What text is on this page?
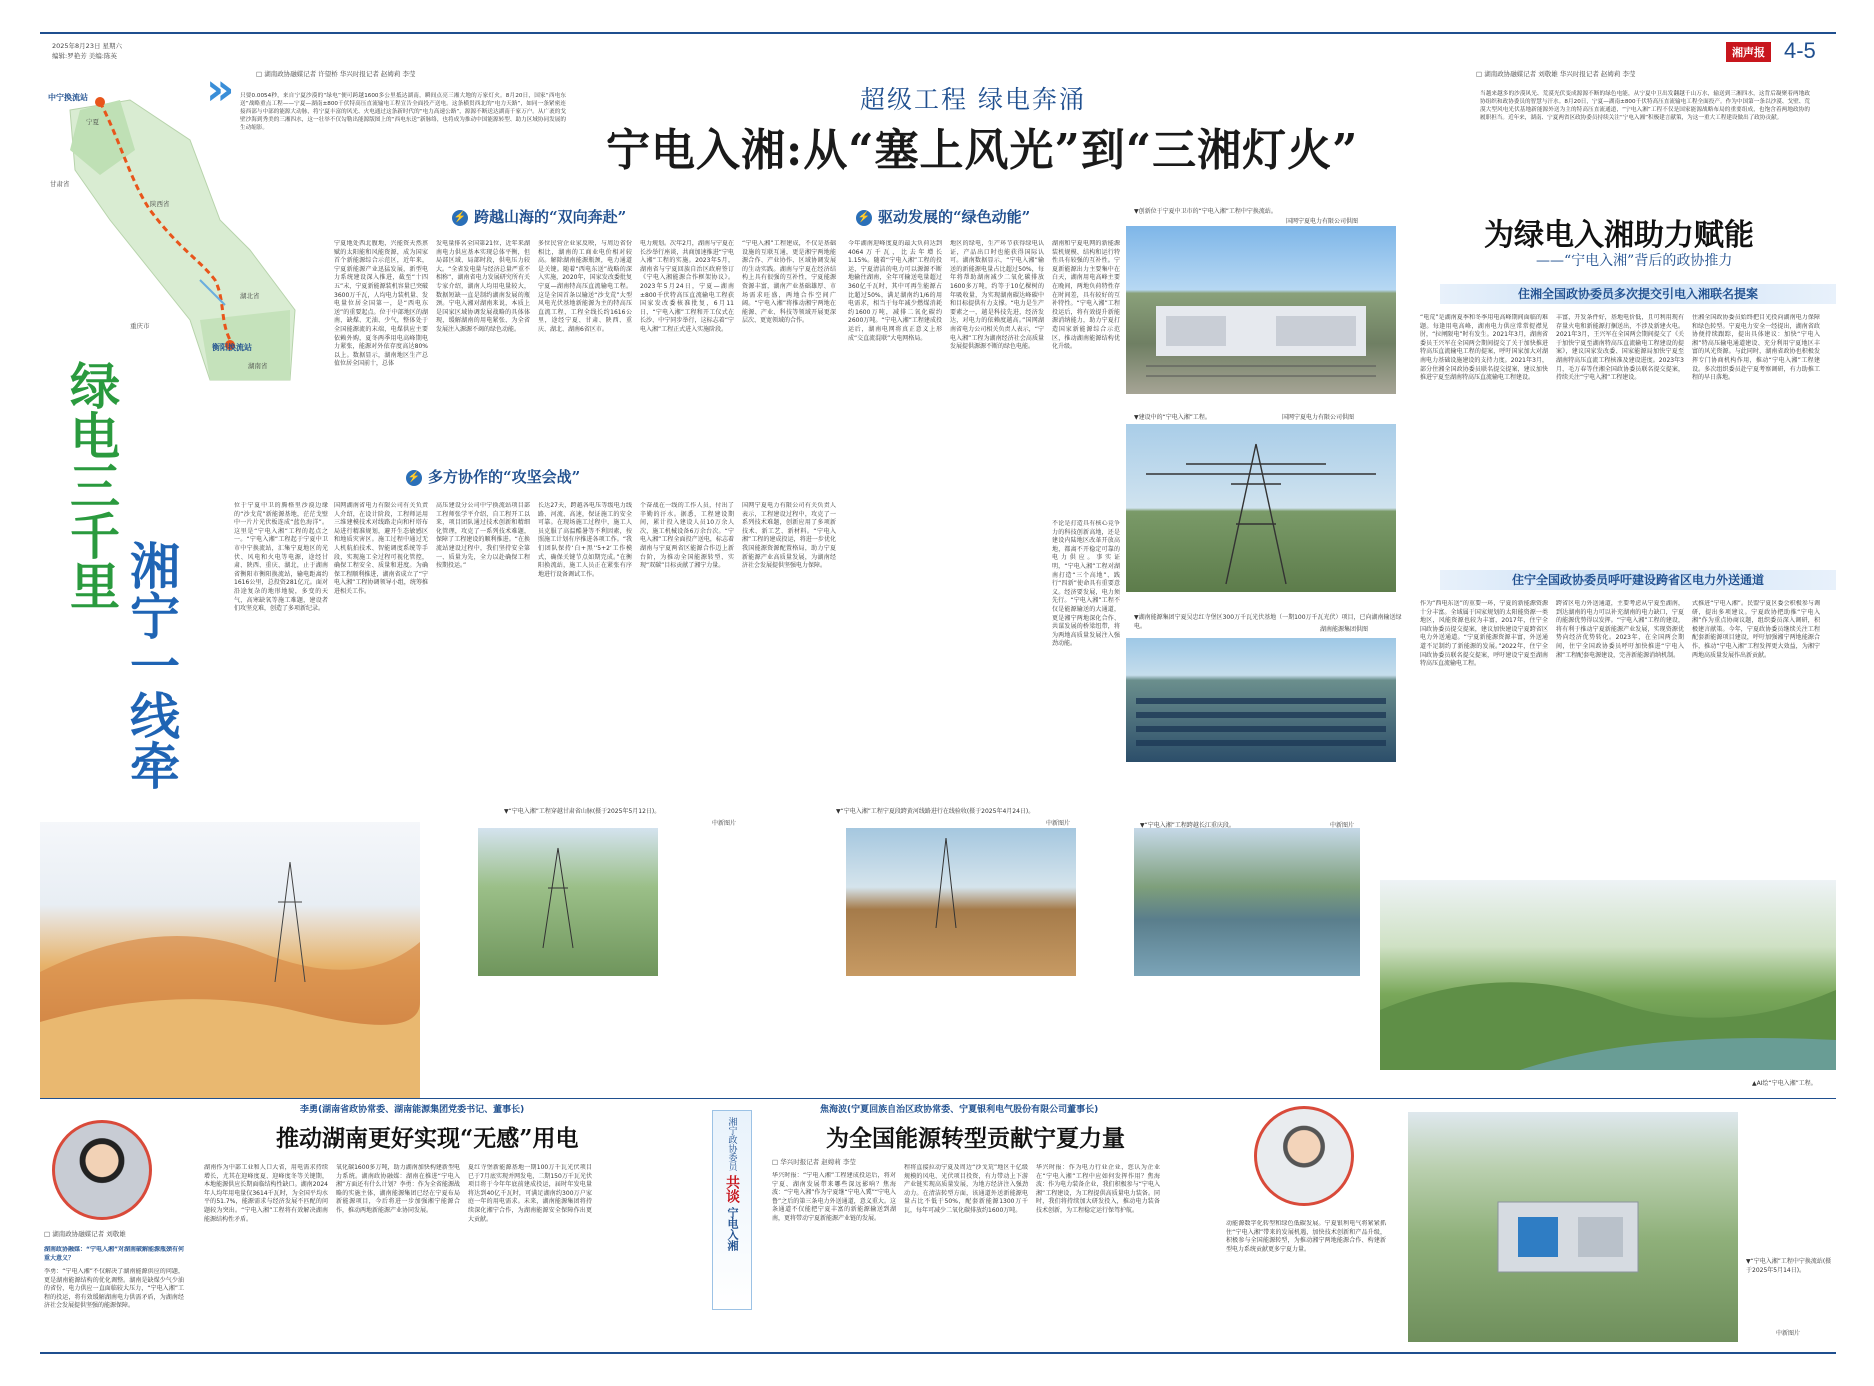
2025年8月23日 星期六
编辑:罗艳芳 美编:陈英	湘声报 4-5
□ 湖南政协融媒记者 许望桥 华兴时报记者 赵娉莉 李莹	□ 湖南政协融媒记者 刘敬雄 华兴时报记者 赵娉莉 李莹
» 只要0.0054秒，来自宁夏沙漠的“绿电”便可跨越1600多公里抵达湖南，瞬间点亮三湘大地的万家灯火。8月20日，国家“西电东送”战略重点工程——宁夏—湖南±800千伏特高压直流输电工程宣告全面投产送电。这条横贯西北的“电力天路”，如同一条紧密连接西部与中部的能源大动脉，将宁夏丰富的风光、火电通过这条新时代的“电力高速公路”，源源不断送达湖南千家万户。从广袤的戈壁沙海到秀美的三湘四水，这一壮举不仅勾勒出能源版图上的“西电东送”新脉络，也将成为推动中国能源转型、助力区域协同发展的生动缩影。
中宁换流站
衡阳换流站
宁夏
甘肃省
陕西省
重庆市
湖北省
湖南省
绿电三千里
湘宁一线牵
超级工程 绿电奔涌
宁电入湘:从“塞上风光”到“三湘灯火”
⚡ 跨越山海的“双向奔赴”
宁夏地处西北腹地，兴能资天然禀赋的太阳能和风能资源，成为国家首个新能源综合示范区，近年来，宁夏新能源产业迅猛发展，新型电力系统建设深入推进，截至“十四五”末，宁夏新能源装机容量已突破3600万千瓦，人均电力装机量、发电量位居全国第一，是“西电东送”的重要起点。位于中部地区的湖南，缺煤、无油、少气，整体处于全国能源流的末端，电煤供应主要依赖外购，夏冬两季用电高峰期电力紧张，能源对外依存度高达80%以上。数据显示，湖南地区生产总值位居全国前十，总体
发电量排名全国第21位，近年来湖南电力供应基本实现总体平衡，但局部区域、局部时段，供电压力较大。“全省发电量与经济总量严重不相称”，湖南省电力发展研究所有关专家介绍，湖南人均用电量较大，数据短缺一直是制约湖南发展的瓶颈。宁电入湘对湖南来说，本质上是国家区域协调发展战略的具体体现，缓解湖南的用电紧张、为全省发展注入源源不竭的绿色动能。
多位民营企业家反映，与周边省份相比，湖南的工商业电价相对较高。解除湖南能源瓶颈，电力通道是关键。随着“西电东送”战略的深入实施，2020年，国家发改委批复宁夏—湖南特高压直流输电工程。这是全国首条以输送“沙戈荒”大型风电光伏基地新能源为主的特高压直流工程，工程全线长约1616公里，途经宁夏、甘肃、陕西、重庆、湖北、湖南6省区市。
电力规划。次年2月，湖南与宁夏在长沙举行座谈，共商加速推进“宁电入湘”工程的实施。2023年5月，湖南省与宁夏回族自治区政府签订《宁电入湘能源合作框架协议》。2023年5月24日，宁夏—湖南±800千伏特高压直流输电工程获国家发改委核准批复，6月11日，“宁电入湘”工程和开工仪式在长沙、中宁同步举行，这标志着“宁电入湘”工程正式进入实施阶段。
⚡ 驱动发展的“绿色动能”
今年湖南迎峰度夏的最大负荷达到4064万千瓦，比去年增长1.15%。随着“宁电入湘”工程的投运，宁夏清洁的电力可以源源不断地输往湖南，全年可输送电量超过360亿千瓦时，其中可再生能源占比超过50%，满足湖南约1/6的用电需求，相当于每年减少燃煤消耗约1600万吨，减排二氧化碳约2600万吨。“宁电入湘”工程建成投运后，湖南电网将真正意义上形成“交直流混联”大电网格局。
地区的绿电，生产环节获得绿电认证，产品出口时也能获得国际认可。湖南数据显示，“宁电入湘”输送的新能源电量占比超过50%，每年将帮助湖南减少二氧化碳排放1600多万吨，约等于10亿棵树的年吸收量，为实现湖南碳达峰碳中和目标提供有力支撑。“电力是生产要素之一，越是科技先进，经济发达，对电力的依赖度越高。”国网湖南省电力公司相关负责人表示，“宁电入湘”工程为湖南经济社会高质量发展提供源源不断的绿色电能。
“宁电入湘”工程建成，不仅是基础设施的互联互通，更是湘宁两地能源合作、产业协作、区域协调发展的生动实践。湖南与宁夏在经济结构上具有很强的互补性，宁夏能源资源丰富，湖南产业基础雄厚、市场需求旺盛，两地合作空间广阔。“宁电入湘”将推动湘宁两地在能源、产业、科技等领域开展更深层次、更宽领域的合作。
⚡ 多方协作的“攻坚会战”
位于宁夏中卫的腾格里沙漠边缘的“沙戈荒”新能源基地，茫茫戈壁中一片片光伏板连成“蓝色海洋”。这里是“宁电入湘”工程的起点之一。“宁电入湘”工程起于宁夏中卫市中宁换流站，汇集宁夏地区的光伏、风电和火电等电源，途经甘肃、陕西、重庆、湖北，止于湖南省衡阳市衡阳换流站，输电距离约1616公里，总投资281亿元。面对沿途复杂的地形地貌，多变的天气，高寒缺氧等施工难题，建设者们攻坚克难，创造了多项新纪录。
国网湖南省电力有限公司有关负责人介绍，在设计阶段，工程师运用三维建模技术对线路走向和杆塔布局进行精准规划，避开生态敏感区和地质灾害区。施工过程中通过无人机航拍技术、智能调度系统等手段，实现施工全过程可视化管控，确保工程安全、质量和进度。为确保工程顺利推进，湖南省成立了“宁电入湘”工程协调领导小组，统筹推进相关工作。
高压建设分公司中宁换流站项目部工程师张学平介绍，自工程开工以来，项目团队通过技术创新和精细化管理，攻克了一系列技术难题，保障了工程建设的顺利推进。“在换流站建设过程中，我们坚持安全第一、质量为先，全力以赴确保工程按期投运。”
长达27天，跨越各电压等级电力线路、河流、高速，保证施工的安全可靠。在现场施工过程中，施工人员克服了高温酷暑等不利因素，按照施工计划有序推进各项工作。“我们团队保持‘白+黑’‘5+2’工作模式，确保关键节点如期完成。”在衡阳换流站，施工人员正在紧张有序地进行设备调试工作。
个奋战在一线的工作人员，付出了辛勤的汗水。据悉，工程建设期间，累计投入建设人员10万余人次，施工机械设备6万余台次。“宁电入湘”工程全面投产送电，标志着湖南与宁夏两省区能源合作迈上新台阶，为推动全国能源转型、实现“双碳”目标贡献了湘宁力量。
国网宁夏电力有限公司有关负责人表示，工程建设过程中，攻克了一系列技术难题，创新应用了多项新技术、新工艺、新材料。“宁电入湘”工程的建成投运，将进一步优化我国能源资源配置格局，助力宁夏新能源产业高质量发展，为湖南经济社会发展提供坚强电力保障。
湖南和宁夏电网的新能源装机规模、结构和运行特性具有较强的互补性。宁夏新能源出力主要集中在白天，湖南用电高峰主要在晚间，两地负荷特性存在时间差，具有较好的互补特性。“宁电入湘”工程投运后，将有效提升新能源消纳能力，助力宁夏打造国家新能源综合示范区，推动湖南能源结构优化升级。
不论是打造具有核心竞争力的科技创新高地，还是建设内陆地区改革开放高地，都离不开稳定可靠的电力供应。事实证明，“宁电入湘”工程对湖南打造“三个高地”、践行“四新”使命具有重要意义。经济要发展，电力须先行。“宁电入湘”工程不仅是能源输送的大通道，更是湘宁两地深化合作、共谋发展的桥梁纽带，将为两地高质量发展注入强劲动能。
▼创新位于宁夏中卫市的“宁电入湘”工程中宁换流站。
国网宁夏电力有限公司供图
▼建设中的“宁电入湘”工程。	国网宁夏电力有限公司供图
▼湖南能源集团宁夏吴忠红寺堡区300万千瓦光伏基地（一期100万千瓦光伏）项目，已向湖南输送绿电。	湖南能源集团供图
▼“宁电入湘”工程穿越甘肃省山脉(摄于2025年5月12日)。
中新图片
▼“宁电入湘”工程宁夏段跨黄河线路进行在线验收(摄于2025年4月24日)。
中新图片	▼“宁电入湘”工程跨越长江重庆段。	中新图片
▲AI绘“宁电入湘”工程。
当越来越多的沙漠风光、荒漠光伏变成源源不断的绿色电能，从宁夏中卫出发翻越千山万水，输送到三湘四水，这背后凝聚着两地政协组织和政协委员的智慧与汗水。8月20日，宁夏—湖南±800千伏特高压直流输电工程全面投产。作为中国第一条以沙漠、戈壁、荒漠大型风电光伏基地新能源外送为主的特高压直流通道，“宁电入湘”工程不仅是国家能源战略布局的重要组成，也饱含着两地政协的履职担当。近年来，湖南、宁夏两省区政协委员持续关注“宁电入湘”积极建言献策，为这一重大工程建设做出了政协贡献。
为绿电入湘助力赋能
——“宁电入湘”背后的政协推力
住湘全国政协委员多次提交引电入湘联名提案
“电荒”是湖南夏季和冬季用电高峰期间面临的难题。每逢用电高峰，湖南电力供应常常捉襟见肘，“拉闸限电”时有发生。2021年3月，湖南省委员王兴军在全国两会期间提交了关于加快推进特高压直流输电工程的提案，呼吁国家加大对湖南电力基础设施建设的支持力度。2021年3月，部分住湘全国政协委员联名提交提案，建议加快推进宁夏至湖南特高压直流输电工程建设。
丰富，开发条件好，基地电价低，且可利用现有存量火电和新能源打捆送出，不涉及新建火电。2021年3月，王兴军在全国两会期间提交了《关于加快宁夏至湖南特高压直流输电工程建设的提案》，建议国家发改委、国家能源局加快宁夏至湖南特高压直流工程核准及建设进度。2023年3月，毛万春等住湘全国政协委员联名提交提案，持续关注“宁电入湘”工程建设。
住湘全国政协委员始终把目光投向湖南电力保障和绿色转型。宁夏电力安全一经提出，湖南省政协便持续跟踪，提出具体建议：加快“宁电入湘”特高压输电通道建设、充分利用宁夏地区丰富的风光资源。与此同时，湖南省政协也积极发挥专门协商机构作用，推动“宁电入湘”工程建设。多次组织委员赴宁夏考察调研，有力助推工程的早日落地。
住宁全国政协委员呼吁建设跨省区电力外送通道
作为“西电东送”的重要一环，宁夏的新能源资源十分丰富。全域属于国家规划的太阳能资源一类地区，风能资源也较为丰富，2017年，住宁全国政协委员提交提案，建议加快建设宁夏跨省区电力外送通道。“宁夏新能源资源丰富，外送通道不足制约了新能源的发展。”2022年，住宁全国政协委员联名提交提案，呼吁建设宁夏至湖南特高压直流输电工程。
跨省区电力外送通道，主要考虑从宁夏至湖南，到达湖南的电力可以补充湖南的电力缺口，宁夏的能源优势得以发挥。“宁电入湘”工程的建设，将有利于推动宁夏新能源产业发展，实现资源优势向经济优势转化。2023年，在全国两会期间，住宁全国政协委员呼吁加快推进“宁电入湘”工程配套电源建设，完善新能源消纳机制。
式推进“宁电入湘”。民盟宁夏区委会积极参与调研，提出多项建议。宁夏政协把助推“宁电入湘”作为重点协商议题，组织委员深入调研，积极建言献策。今年，宁夏政协委员继续关注工程配套新能源项目建设，呼吁加强湘宁两地能源合作，推动“宁电入湘”工程发挥更大效益，为湘宁两地高质量发展作出新贡献。
李勇(湖南省政协常委、湖南能源集团党委书记、董事长)
□ 湖南政协融媒记者 刘敬雄
推动湖南更好实现“无感”用电
湖南政协融媒：“宁电入湘”对湖南破解能源瓶颈有何重大意义？
李勇：“宁电入湘”不仅解决了湖南能源供应的问题，更是湖南能源结构的优化调整。湖南是缺煤少气少油的省份，电力供应一直面临较大压力，“宁电入湘”工程的投运，将有效缓解湖南电力供需矛盾，为湖南经济社会发展提供坚强的能源保障。
湖南作为中部工业和人口大省，用电需求持续增长，尤其在迎峰度夏、迎峰度冬等关键期，本地能源供应长期面临结构性缺口。湖南2024年人均年用电量仅3614千瓦时，为全国平均水平的51.7%，能源需求与经济发展不匹配的问题较为突出。“宁电入湘”工程将有效解决湖南能源结构性矛盾。
氧化碳1600多万吨，助力湖南加快构建新型电力系统。湖南政协融媒：湖南在推进“宁电入湘”方面还有什么计划？李勇：作为全省能源战略的实施主体，湖南能源集团已经在宁夏布局新能源项目，今后将进一步加强湘宁能源合作，推动两地新能源产业协同发展。
夏红寺堡新能源基地一期100万千瓦光伏项目已于7月底实现并网发电，二期150万千瓦光伏项目将于今年年底前建成投运，届时年发电量将达到40亿千瓦时，可满足湖南约300万户家庭一年的用电需求。未来，湖南能源集团将持续深化湘宁合作，为湖南能源安全保障作出更大贡献。
湘宁政协委员
共谈
宁电入湘
焦海波(宁夏回族自治区政协常委、宁夏银利电气股份有限公司董事长)
为全国能源转型贡献宁夏力量
□ 华兴时报记者 赵娉莉 李莹
华兴时报：“宁电入湘”工程建成投运后，将对宁夏、湖南发展带来哪些深远影响？焦海波：“宁电入湘”作为宁夏继“宁电入冀”“宁电入鲁”之后的第三条电力外送通道，意义重大。这条通道不仅能把宁夏丰富的新能源输送到湖南，更将带动宁夏新能源产业链的发展。
程将直接拉动宁夏及周边“沙戈荒”地区千亿级规模的风电、光伏项目投资，有力带动上下游产业链实现高质量发展，为地方经济注入强劲动力。在清洁转型方面，该通道外送新能源电量占比不低于50%，配套新能源1300万千瓦，每年可减少二氧化碳排放约1600万吨。
华兴时报：作为电力行业企业，您认为企业在“宁电入湘”工程中应如何发挥作用？焦海波：作为电力装备企业，我们积极参与“宁电入湘”工程建设，为工程提供高质量电力装备。同时，我们将持续加大研发投入，推动电力装备技术创新，为工程稳定运行保驾护航。
动能源数字化转型和绿色低碳发展。宁夏银利电气将紧紧抓住“宁电入湘”带来的发展机遇，加快技术创新和产品升级，积极参与全国能源转型，为推动湘宁两地能源合作、构建新型电力系统贡献更多宁夏力量。
▼“宁电入湘”工程中宁换流站(摄于2025年5月14日)。
中新图片
